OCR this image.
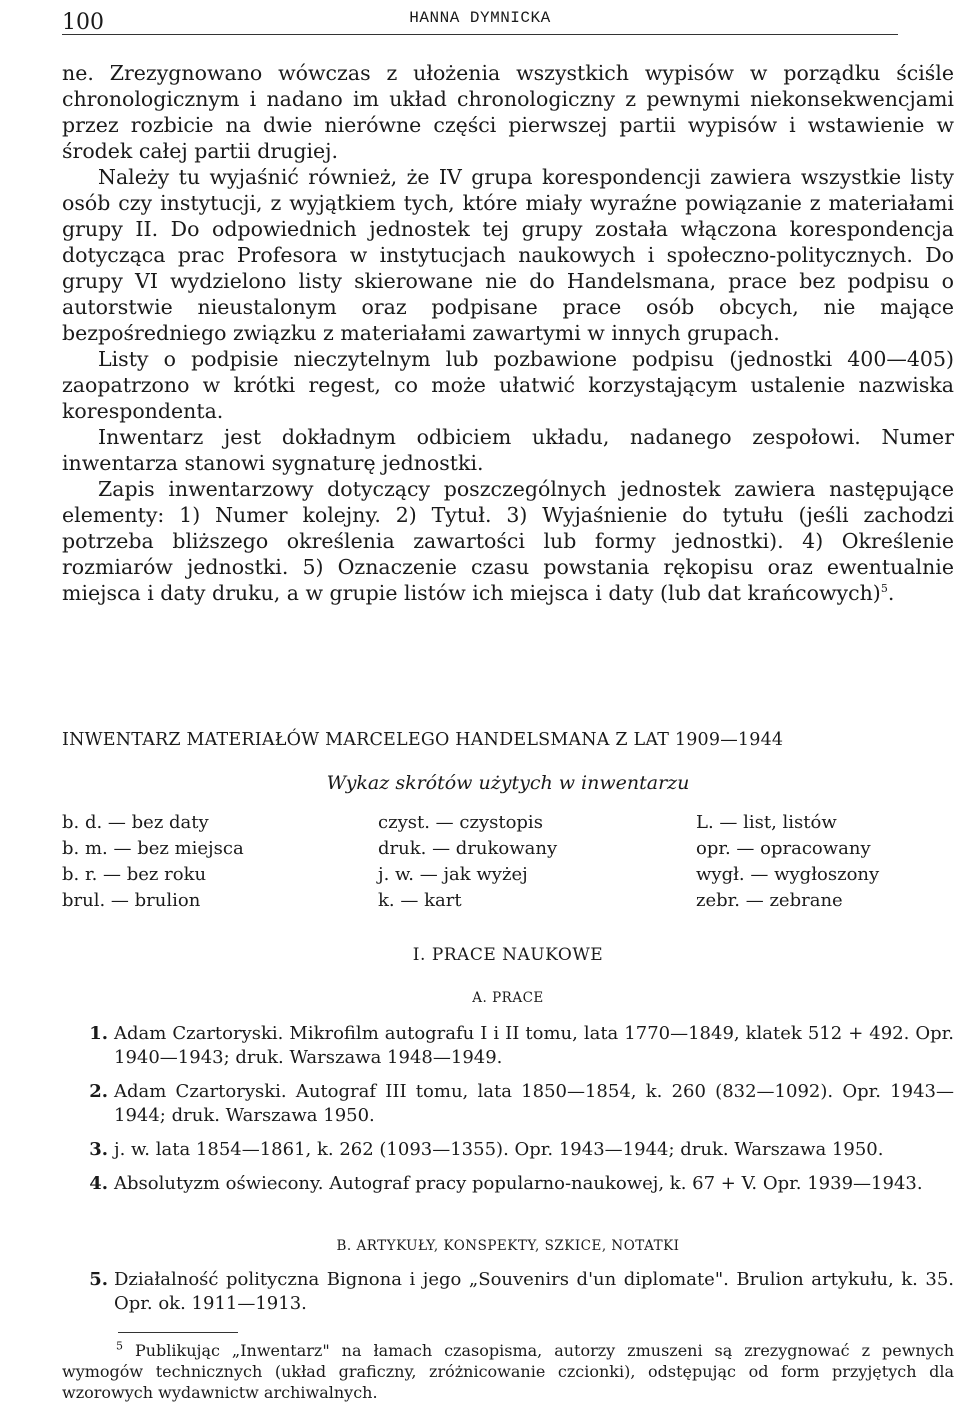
100	HANNA DYMNICKA

ne. Zrezygnowano wówczas z ułożenia wszystkich wypisów w porządku ściśle chronologicznym i nadano im układ chronologiczny z pewnymi niekonsekwencjami przez rozbicie na dwie nierówne części pierwszej partii wypisów i wstawienie w środek całej partii drugiej.

Należy tu wyjaśnić również, że IV grupa korespondencji zawiera wszystkie listy osób czy instytucji, z wyjątkiem tych, które miały wyraźne powiązanie z materiałami grupy II. Do odpowiednich jednostek tej grupy została włączona korespondencja dotycząca prac Profesora w instytucjach naukowych i społeczno-politycznych. Do grupy VI wydzielono listy skierowane nie do Handelsmana, prace bez podpisu o autorstwie nieustalonym oraz podpisane prace osób obcych, nie mające bezpośredniego związku z materiałami zawartymi w innych grupach.

Listy o podpisie nieczytelnym lub pozbawione podpisu (jednostki 400—405) zaopatrzono w krótki regest, co może ułatwić korzystającym ustalenie nazwiska korespondenta.

Inwentarz jest dokładnym odbiciem układu, nadanego zespołowi. Numer inwentarza stanowi sygnaturę jednostki.

Zapis inwentarzowy dotyczący poszczególnych jednostek zawiera następujące elementy: 1) Numer kolejny. 2) Tytuł. 3) Wyjaśnienie do tytułu (jeśli zachodzi potrzeba bliższego określenia zawartości lub formy jednostki). 4) Określenie rozmiarów jednostki. 5) Oznaczenie czasu powstania rękopisu oraz ewentualnie miejsca i daty druku, a w grupie listów ich miejsca i daty (lub dat krańcowych)$^5$.

INWENTARZ MATERIAŁÓW MARCELEGO HANDELSMANA Z LAT 1909—1944
Wykaz skrótów użytych w inwentarzu
b. d. — bez daty	czyst. — czystopis	L. — list, listów
b. m. — bez miejsca	druk. — drukowany	opr. — opracowany
b. r. — bez roku	j. w. — jak wyżej	wygł. — wygłoszony
brul. — brulion	k. — kart	zebr. — zebrane
I. PRACE NAUKOWE
A. PRACE
1. Adam Czartoryski. Mikrofilm autografu I i II tomu, lata 1770—1849, klatek 512 + 492. Opr. 1940—1943; druk. Warszawa 1948—1949.
2. Adam Czartoryski. Autograf III tomu, lata 1850—1854, k. 260 (832—1092). Opr. 1943—1944; druk. Warszawa 1950.
3. j. w. lata 1854—1861, k. 262 (1093—1355). Opr. 1943—1944; druk. Warszawa 1950.
4. Absolutyzm oświecony. Autograf pracy popularno-naukowej, k. 67 + V. Opr. 1939—1943.
B. ARTYKUŁY, KONSPEKTY, SZKICE, NOTATKI
5. Działalność polityczna Bignona i jego „Souvenirs d'un diplomate". Brulion artykułu, k. 35. Opr. ok. 1911—1913.
$^5$ Publikując „Inwentarz" na łamach czasopisma, autorzy zmuszeni są zrezygnować z pewnych wymogów technicznych (układ graficzny, zróżnicowanie czcionki), odstępując od form przyjętych dla wzorowych wydawnictw archiwalnych.
